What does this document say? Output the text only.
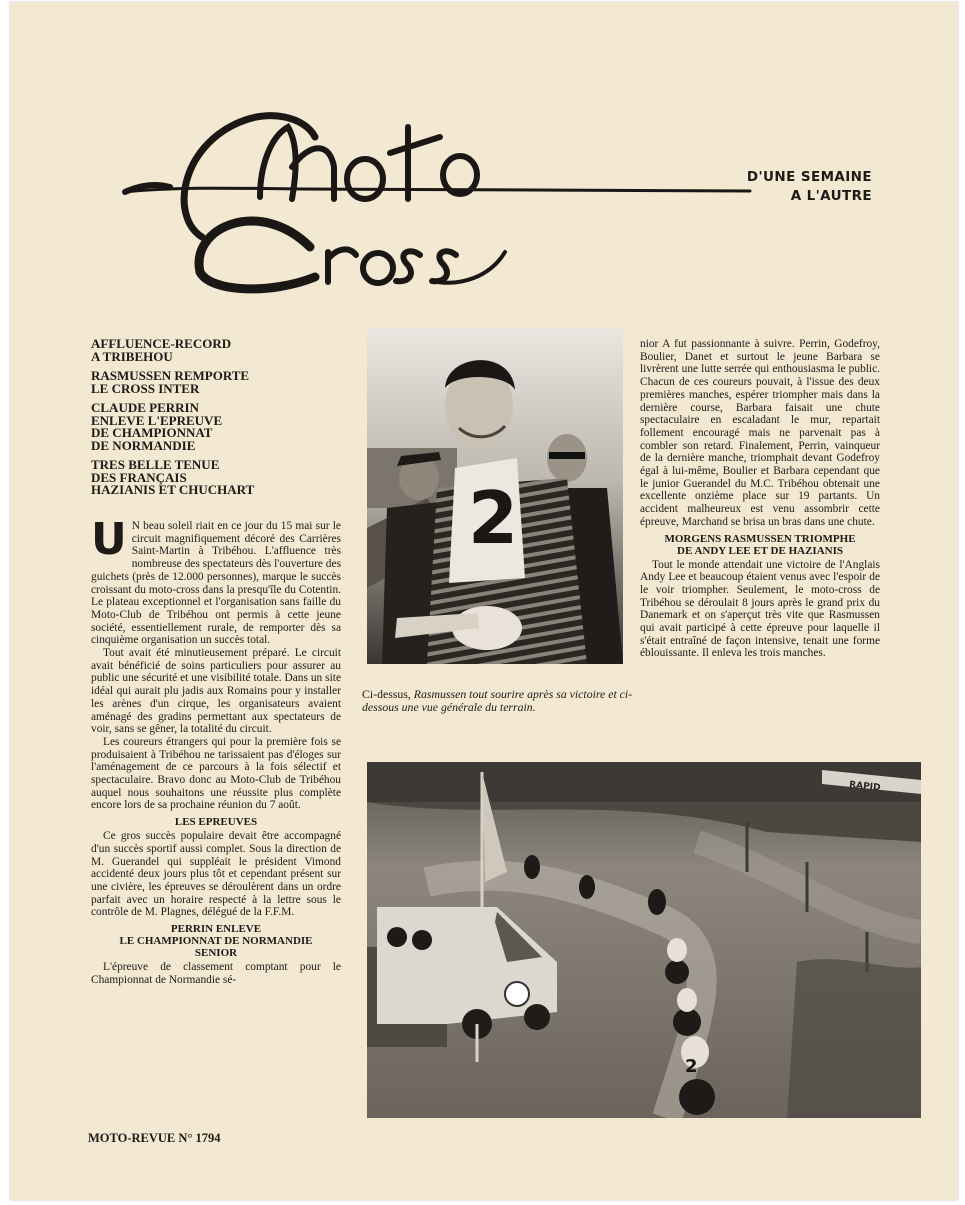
Moto Cross
D'UNE SEMAINE
A L'AUTRE
AFFLUENCE-RECORD
A TRIBEHOU
RASMUSSEN REMPORTE
LE CROSS INTER
CLAUDE PERRIN
ENLEVE L'EPREUVE
DE CHAMPIONNAT
DE NORMANDIE
TRES BELLE TENUE
DES FRANÇAIS
HAZIANIS ET CHUCHART

U N beau soleil riait en ce jour du 15 mai sur le circuit magnifiquement décoré des Carrières Saint-Martin à Tribéhou. L'affluence très nombreuse des spectateurs dès l'ouverture des guichets (près de 12.000 personnes), marque le succès croissant du moto-cross dans la presqu'île du Cotentin. Le plateau exceptionnel et l'organisation sans faille du Moto-Club de Tribéhou ont permis à cette jeune société, essentiellement rurale, de remporter dès sa cinquième organisation un succès total.

Tout avait été minutieusement préparé. Le circuit avait bénéficié de soins particuliers pour assurer au public une sécurité et une visibilité totale. Dans un site idéal qui aurait plu jadis aux Romains pour y installer les arènes d'un cirque, les organisateurs avaient aménagé des gradins permettant aux spectateurs de voir, sans se gêner, la totalité du circuit.

Les coureurs étrangers qui pour la première fois se produisaient à Tribéhou ne tarissaient pas d'éloges sur l'aménagement de ce parcours à la fois sélectif et spectaculaire. Bravo donc au Moto-Club de Tribéhou auquel nous souhaitons une réussite plus complète encore lors de sa prochaine réunion du 7 août.

LES EPREUVES

Ce gros succès populaire devait être accompagné d'un succès sportif aussi complet. Sous la direction de M. Guerandel qui suppléait le président Vimond accidenté deux jours plus tôt et cependant présent sur une civière, les épreuves se déroulèrent dans un ordre parfait avec un horaire respecté à la lettre sous le contrôle de M. Plagnes, délégué de la F.F.M.

PERRIN ENLEVE
LE CHAMPIONNAT DE NORMANDIE
SENIOR

L'épreuve de classement comptant pour le Championnat de Normandie sé-

nior A fut passionnante à suivre. Perrin, Godefroy, Boulier, Danet et surtout le jeune Barbara se livrèrent une lutte serrée qui enthousiasma le public. Chacun de ces coureurs pouvait, à l'issue des deux premières manches, espérer triompher mais dans la dernière course, Barbara faisait une chute spectaculaire en escaladant le mur, repartait follement encouragé mais ne parvenait pas à combler son retard. Finalement, Perrin, vainqueur de la dernière manche, triomphait devant Godefroy égal à lui-même, Boulier et Barbara cependant que le junior Guerandel du M.C. Tribéhou obtenait une excellente onzième place sur 19 partants. Un accident malheureux est venu assombrir cette épreuve, Marchand se brisa un bras dans une chute.

MORGENS RASMUSSEN TRIOMPHE
DE ANDY LEE ET DE HAZIANIS

Tout le monde attendait une victoire de l'Anglais Andy Lee et beaucoup étaient venus avec l'espoir de le voir triompher. Seulement, le moto-cross de Tribéhou se déroulait 8 jours après le grand prix du Danemark et on s'aperçut très vite que Rasmussen qui avait participé à cette épreuve pour laquelle il s'était entraîné de façon intensive, tenait une forme éblouissante. Il enleva les trois manches.

2
Ci-dessus, Rasmussen tout sourire après sa victoire et ci-dessous une vue générale du terrain.
RAPID
2
MOTO-REVUE N° 1794
